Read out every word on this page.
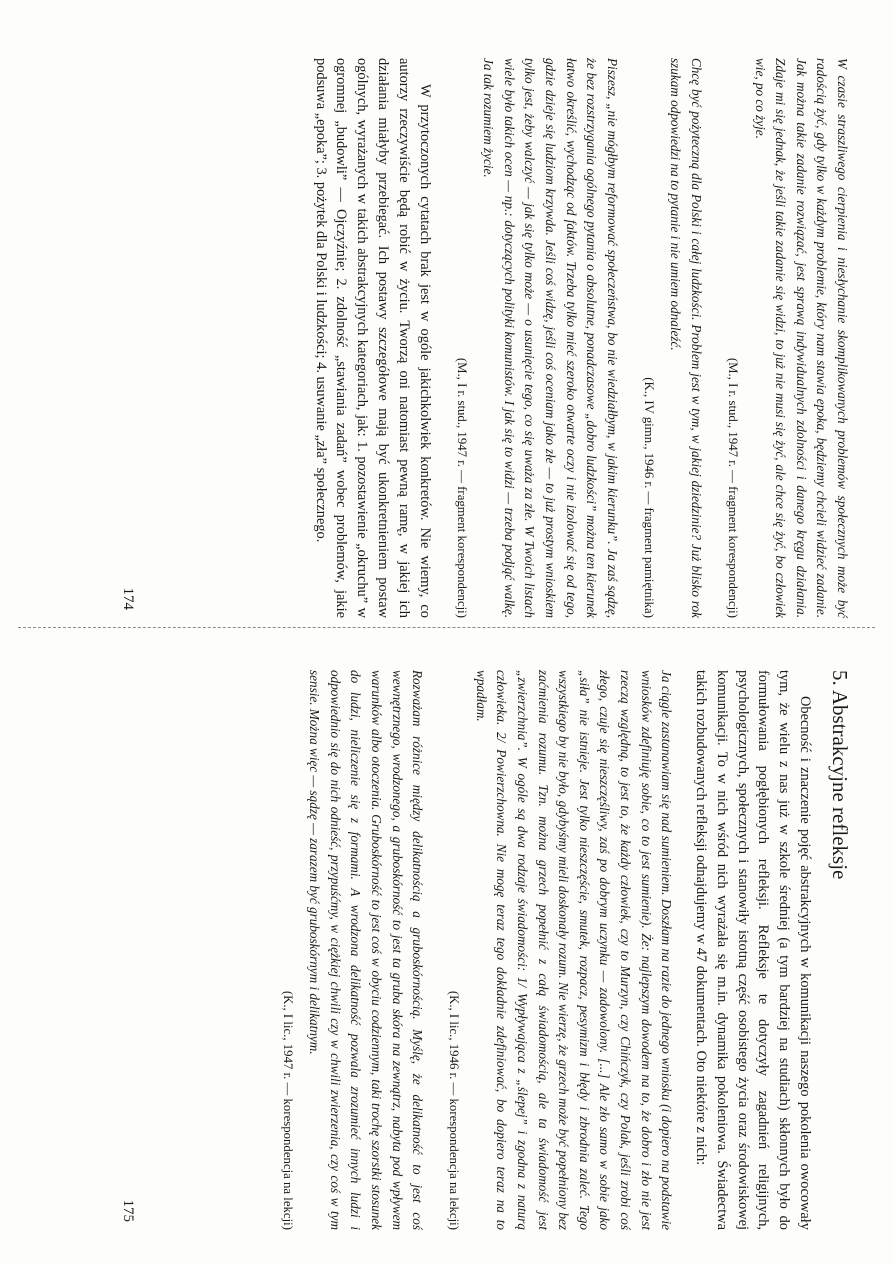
W czasie straszliwego cierpienia i niesłychanie skomplikowanych problemów społecznych może być radością żyć, gdy tylko w każdym problemie, który nam stawia epoka, będziemy chcieli widzieć zadanie. Jak można takie zadanie rozwiązać, jest sprawą indywidualnych zdolności i danego kręgu działania. Zdaje mi się jednak, że jeśli takie zadanie się widzi, to już nie musi się żyć, ale chce się żyć, bo człowiek wie, po co żyje.

(M., I r. stud., 1947 r. — fragment korespondencji)

Chcę być pożyteczną dla Polski i całej ludzkości. Problem jest w tym, w jakiej dziedzinie? Już blisko rok szukam odpowiedzi na to pytanie i nie umiem odnaleźć.

(K., IV gimn., 1946 r. — fragment pamiętnika)

Piszesz, „nie mógłbym reformować społeczeństwa, bo nie wiedziałbym, w jakim kierunku”. Ja zaś sądzę, że bez rozstrzygania ogólnego pytania o absolutne, ponadczasowe „dobro ludzkości” można ten kierunek łatwo określić, wychodząc od faktów. Trzeba tylko mieć szeroko otwarte oczy i nie izolować się od tego, gdzie dzieje się ludziom krzywda. Jeśli coś widzę, jeśli coś oceniam jako złe — to już prostym wnioskiem tylko jest, żeby walczyć — jak się tylko może — o usunięcie tego, co się uważa za złe. W Twoich listach wiele było takich ocen — np.: dotyczących polityki komunistów. I jak się to widzi — trzeba podjąć walkę. Ja tak rozumiem życie.

(M., I r. stud., 1947 r. — fragment korespondencji)

W przytoczonych cytatach brak jest w ogóle jakichkolwiek konkretów. Nie wiemy, co autorzy rzeczywiście będą robić w życiu. Tworzą oni natomiast pewną ramę, w jakiej ich działania miałyby przebiegać. Ich postawy szczegółowe mają być ukonkretnieniem postaw ogólnych, wyrażanych w takich abstrakcyjnych kategoriach, jak: 1. pozostawienie „okruchu” w ogromnej „budowli” — Ojczyźnie; 2. zdolność „stawiania zadań” wobec problemów, jakie podsuwa „epoka”; 3. pożytek dla Polski i ludzkości; 4. usuwanie „zła” społecznego.

174
5. Abstrakcyjne refleksje

Obecność i znaczenie pojęć abstrakcyjnych w komunikacji naszego pokolenia owocowały tym, że wielu z nas już w szkole średniej (a tym bardziej na studiach) skłonnych było do formułowania pogłębionych refleksji. Refleksje te dotyczyły zagadnień religijnych, psychologicznych, społecznych i stanowiły istotną część osobistego życia oraz środowiskowej komunikacji. To w nich wśród nich wyrażała się m.in. dynamika pokoleniowa. Świadectwa takich rozbudowanych refleksji odnajdujemy w 47 dokumentach. Oto niektóre z nich:

Ja ciągle zastanawiam się nad sumieniem. Doszłam na razie do jednego wniosku (i dopiero na podstawie wniosków zdefiniuję sobie, co to jest sumienie). Że: najlepszym dowodem na to, że dobro i zło nie jest rzeczą względną, to jest to, że każdy człowiek, czy to Murzyn, czy Chińczyk, czy Polak, jeśli zrobi coś złego, czuje się nieszczęśliwy, zaś po dobrym uczynku — zadowolony. [...] Ale zło samo w sobie jako „siła” nie istnieje. Jest tylko nieszczęście, smutek, rozpacz, pesymizm i błędy i zbrodnia zaleć. Tego wszystkiego by nie było, gdybyśmy mieli doskonały rozum. Nie wierzę, że grzech może być popełniony bez zaćmienia rozumu. Tzn. można grzech popełnić z całą świadomością, ale ta świadomość jest „zwierzchnia”. W ogóle są dwa rodzaje świadomości: 1/ Wypływająca z „ślepej” i zgodna z naturą człowieka. 2/ Powierzchowna. Nie mogę teraz tego dokładnie zdefiniować, bo dopiero teraz na to wpadłam.

(K., I lic., 1946 r. — korespondencja na lekcji)

Rozważam różnice między delikatnością a gruboskórnością. Myślę, że delikatność to jest coś wewnętrznego, wrodzonego, a gruboskórność to jest ta gruba skóra na zewnątrz, nabyta pod wpływem warunków albo otoczenia. Gruboskórność to jest coś w obyciu codziennym, taki trochę szorstki stosunek do ludzi, nieliczenie się z formami. A wrodzona delikatność pozwala zrozumieć innych ludzi i odpowiednio się do nich odnieść, przypuśćmy, w ciężkiej chwili czy w chwili zwierzenia, czy coś w tym sensie. Można więc — sądzę — zarazem być gruboskórnym i delikatnym.

(K., I lic., 1947 r. — korespondencja na lekcji)

175
